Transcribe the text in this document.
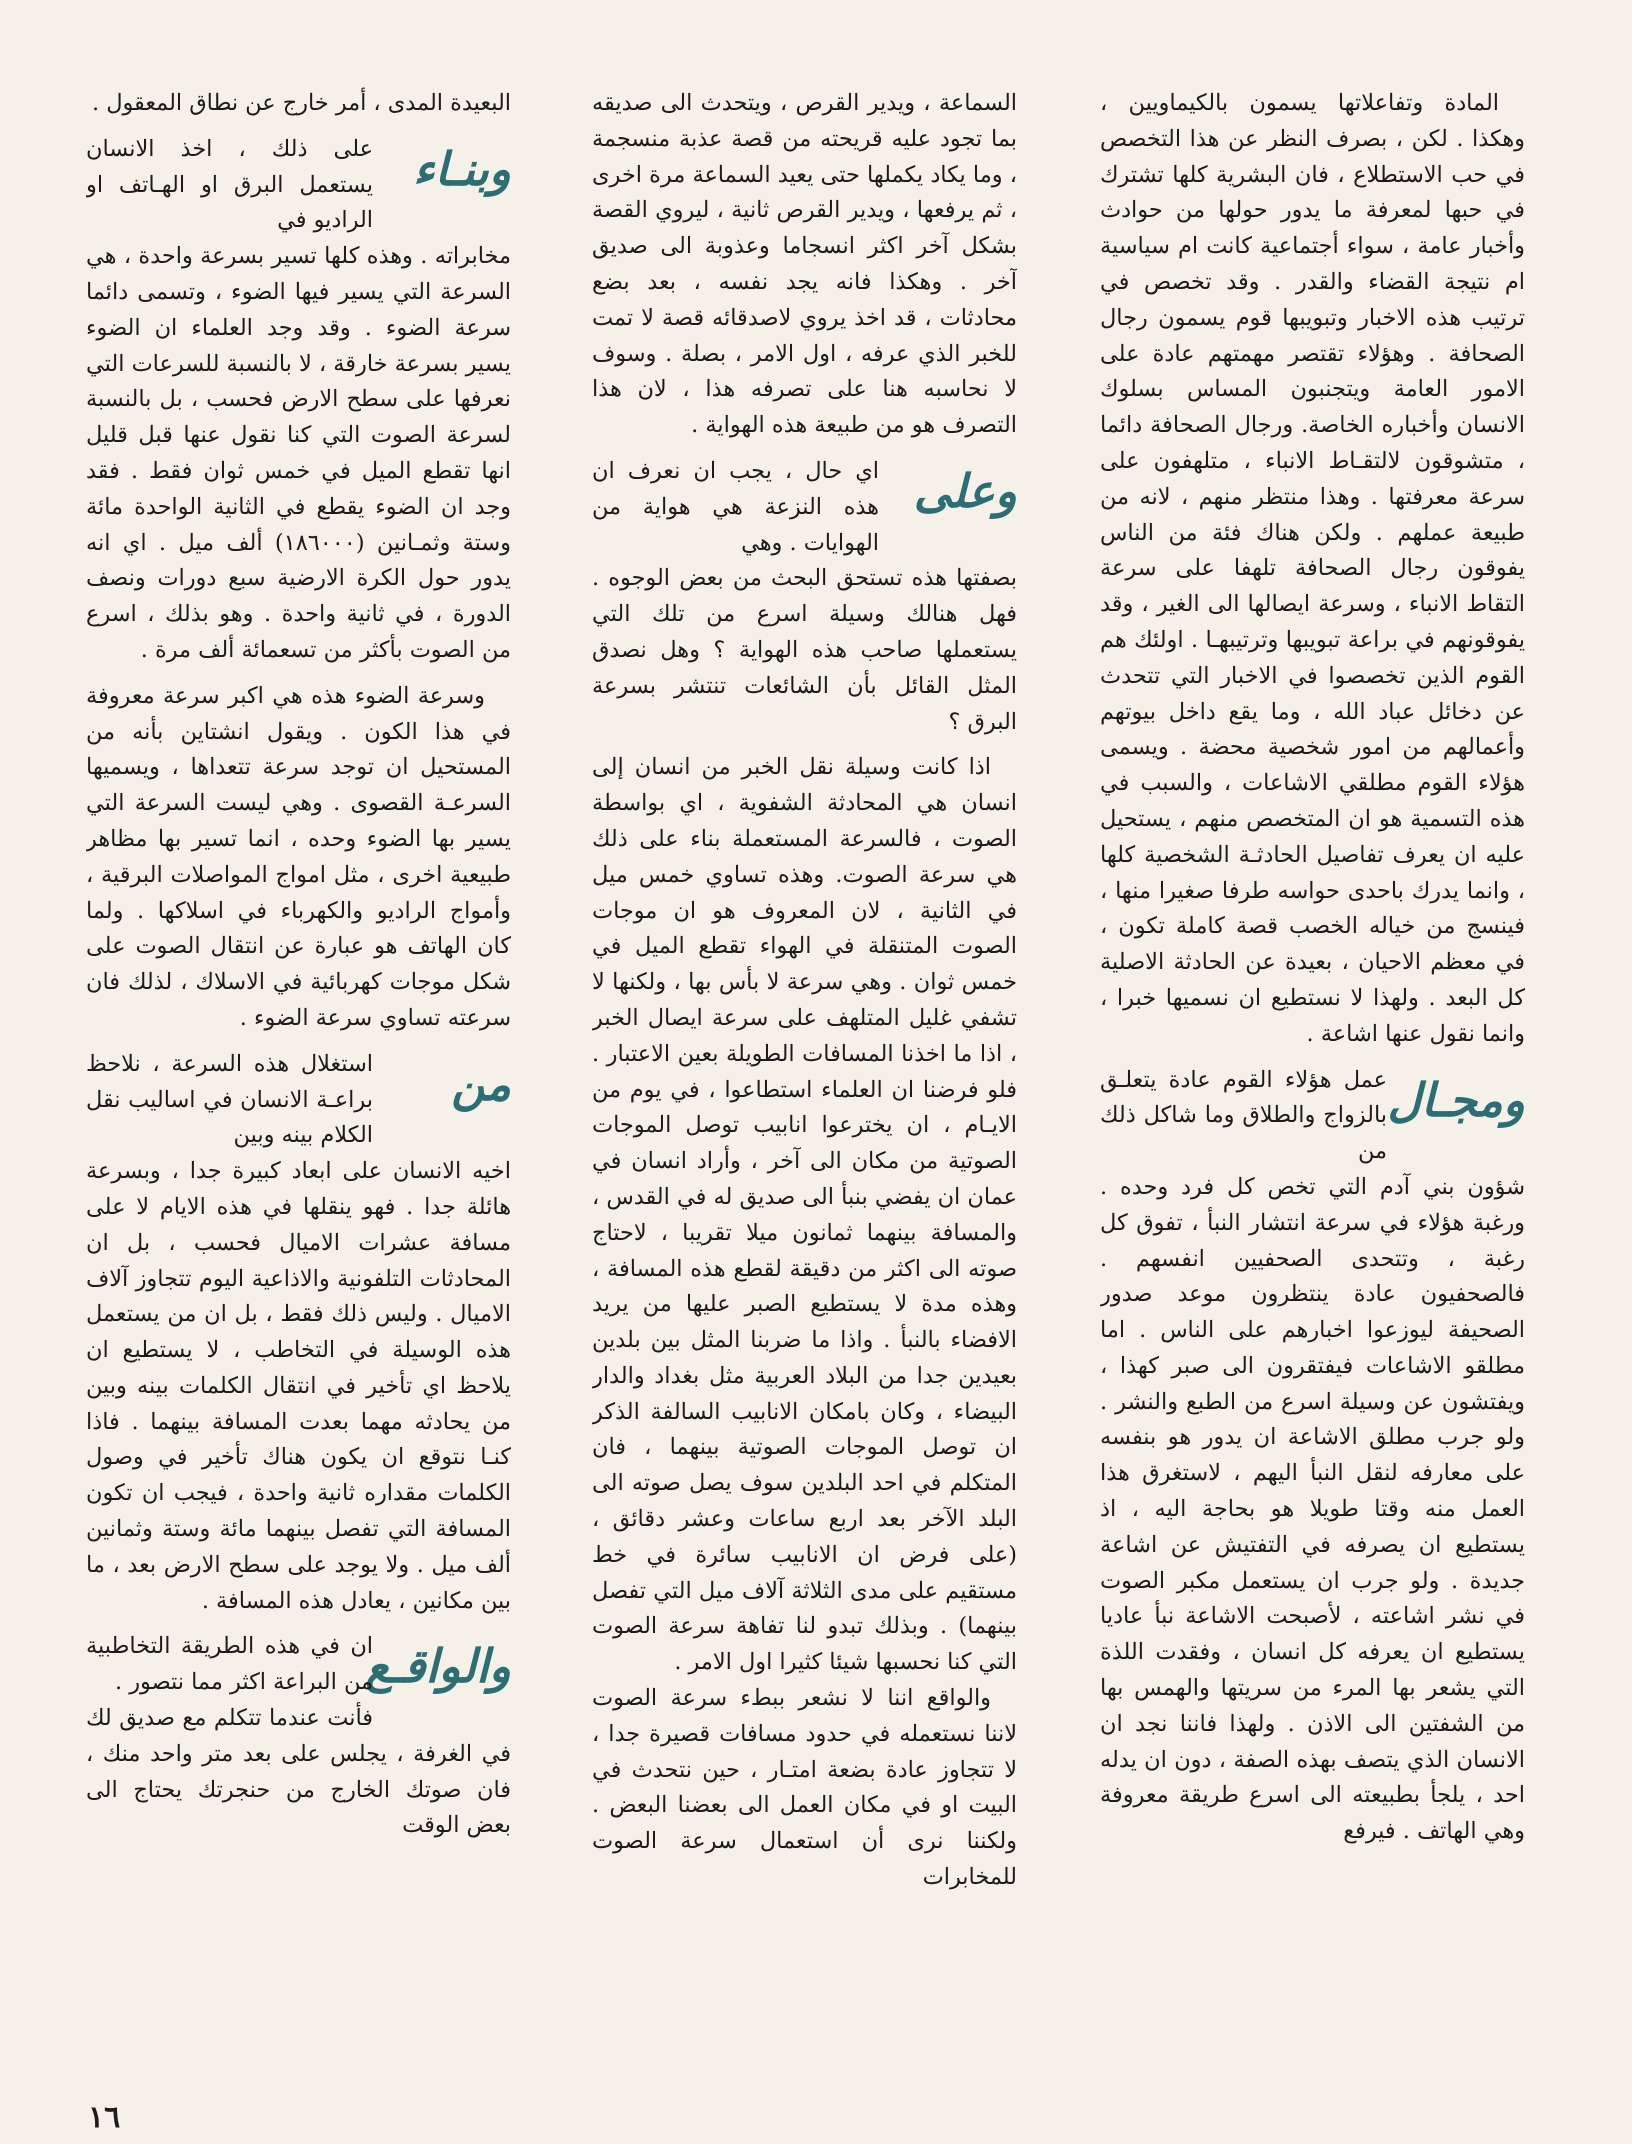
المادة وتفاعلاتها يسمون بالكيماويين ، وهكذا . لكن ، بصرف النظر عن هذا التخصص في حب الاستطلاع ، فان البشرية كلها تشترك في حبها لمعرفة ما يدور حولها من حوادث وأخبار عامة ، سواء أجتماعية كانت ام سياسية ام نتيجة القضاء والقدر . وقد تخصص في ترتيب هذه الاخبار وتبويبها قوم يسمون رجال الصحافة . وهؤلاء تقتصر مهمتهم عادة على الامور العامة ويتجنبون المساس بسلوك الانسان وأخباره الخاصة. ورجال الصحافة دائما ، متشوقون لالتقـاط الانباء ، متلهفون على سرعة معرفتها . وهذا منتظر منهم ، لانه من طبيعة عملهم . ولكن هناك فئة من الناس يفوقون رجال الصحافة تلهفا على سرعة التقاط الانباء ، وسرعة ايصالها الى الغير ، وقد يفوقونهم في براعة تبويبها وترتيبهـا . اولئك هم القوم الذين تخصصوا في الاخبار التي تتحدث عن دخائل عباد الله ، وما يقع داخل بيوتهم وأعمالهم من امور شخصية محضة . ويسمى هؤلاء القوم مطلقي الاشاعات ، والسبب في هذه التسمية هو ان المتخصص منهم ، يستحيل عليه ان يعرف تفاصيل الحادثـة الشخصية كلها ، وانما يدرك باحدى حواسه طرفا صغيرا منها ، فينسج من خياله الخصب قصة كاملة تكون ، في معظم الاحيان ، بعيدة عن الحادثة الاصلية كل البعد . ولهذا لا نستطيع ان نسميها خبرا ، وانما نقول عنها اشاعة .

ومجـال

عمل هؤلاء القوم عادة يتعلـق بالزواج والطلاق وما شاكل ذلك من

شؤون بني آدم التي تخص كل فرد وحده . ورغبة هؤلاء في سرعة انتشار النبأ ، تفوق كل رغبة ، وتتحدى الصحفيين انفسهم . فالصحفيون عادة ينتظرون موعد صدور الصحيفة ليوزعوا اخبارهم على الناس . اما مطلقو الاشاعات فيفتقرون الى صبر كهذا ، ويفتشون عن وسيلة اسرع من الطبع والنشر . ولو جرب مطلق الاشاعة ان يدور هو بنفسه على معارفه لنقل النبأ اليهم ، لاستغرق هذا العمل منه وقتا طويلا هو بحاجة اليه ، اذ يستطيع ان يصرفه في التفتيش عن اشاعة جديدة . ولو جرب ان يستعمل مكبر الصوت في نشر اشاعته ، لأصبحت الاشاعة نبأ عاديا يستطيع ان يعرفه كل انسان ، وفقدت اللذة التي يشعر بها المرء من سريتها والهمس بها من الشفتين الى الاذن . ولهذا فاننا نجد ان الانسان الذي يتصف بهذه الصفة ، دون ان يدله احد ، يلجأ بطبيعته الى اسرع طريقة معروفة وهي الهاتف . فيرفع

السماعة ، ويدير القرص ، ويتحدث الى صديقه بما تجود عليه قريحته من قصة عذبة منسجمة ، وما يكاد يكملها حتى يعيد السماعة مرة اخرى ، ثم يرفعها ، ويدير القرص ثانية ، ليروي القصة بشكل آخر اكثر انسجاما وعذوبة الى صديق آخر . وهكذا فانه يجد نفسه ، بعد بضع محادثات ، قد اخذ يروي لاصدقائه قصة لا تمت للخبر الذي عرفه ، اول الامر ، بصلة . وسوف لا نحاسبه هنا على تصرفه هذا ، لان هذا التصرف هو من طبيعة هذه الهواية .

وعلى

اي حال ، يجب ان نعرف ان هذه النزعة هي هواية من الهوايات . وهي

بصفتها هذه تستحق البحث من بعض الوجوه . فهل هنالك وسيلة اسرع من تلك التي يستعملها صاحب هذه الهواية ؟ وهل نصدق المثل القائل بأن الشائعات تنتشر بسرعة البرق ؟

اذا كانت وسيلة نقل الخبر من انسان إلى انسان هي المحادثة الشفوية ، اي بواسطة الصوت ، فالسرعة المستعملة بناء على ذلك هي سرعة الصوت. وهذه تساوي خمس ميل في الثانية ، لان المعروف هو ان موجات الصوت المتنقلة في الهواء تقطع الميل في خمس ثوان . وهي سرعة لا بأس بها ، ولكنها لا تشفي غليل المتلهف على سرعة ايصال الخبر ، اذا ما اخذنا المسافات الطويلة بعين الاعتبار . فلو فرضنا ان العلماء استطاعوا ، في يوم من الايـام ، ان يخترعوا انابيب توصل الموجات الصوتية من مكان الى آخر ، وأراد انسان في عمان ان يفضي بنبأ الى صديق له في القدس ، والمسافة بينهما ثمانون ميلا تقريبا ، لاحتاج صوته الى اكثر من دقيقة لقطع هذه المسافة ، وهذه مدة لا يستطيع الصبر عليها من يريد الافضاء بالنبأ . واذا ما ضربنا المثل بين بلدين بعيدين جدا من البلاد العربية مثل بغداد والدار البيضاء ، وكان بامكان الانابيب السالفة الذكر ان توصل الموجات الصوتية بينهما ، فان المتكلم في احد البلدين سوف يصل صوته الى البلد الآخر بعد اربع ساعات وعشر دقائق ، (على فرض ان الانابيب سائرة في خط مستقيم على مدى الثلاثة آلاف ميل التي تفصل بينهما) . وبذلك تبدو لنا تفاهة سرعة الصوت التي كنا نحسبها شيئا كثيرا اول الامر .

والواقع اننا لا نشعر ببطء سرعة الصوت لاننا نستعمله في حدود مسافات قصيرة جدا ، لا تتجاوز عادة بضعة امتـار ، حين نتحدث في البيت او في مكان العمل الى بعضنا البعض . ولكننا نرى أن استعمال سرعة الصوت للمخابرات

البعيدة المدى ، أمر خارج عن نطاق المعقول .

وبنـاء

على ذلك ، اخذ الانسان يستعمل البرق او الهـاتف او الراديو في

مخابراته . وهذه كلها تسير بسرعة واحدة ، هي السرعة التي يسير فيها الضوء ، وتسمى دائما سرعة الضوء . وقد وجد العلماء ان الضوء يسير بسرعة خارقة ، لا بالنسبة للسرعات التي نعرفها على سطح الارض فحسب ، بل بالنسبة لسرعة الصوت التي كنا نقول عنها قبل قليل انها تقطع الميل في خمس ثوان فقط . فقد وجد ان الضوء يقطع في الثانية الواحدة مائة وستة وثمـانين (١٨٦٠٠٠) ألف ميل . اي انه يدور حول الكرة الارضية سبع دورات ونصف الدورة ، في ثانية واحدة . وهو بذلك ، اسرع من الصوت بأكثر من تسعمائة ألف مرة .

وسرعة الضوء هذه هي اكبر سرعة معروفة في هذا الكون . ويقول انشتاين بأنه من المستحيل ان توجد سرعة تتعداها ، ويسميها السرعـة القصوى . وهي ليست السرعة التي يسير بها الضوء وحده ، انما تسير بها مظاهر طبيعية اخرى ، مثل امواج المواصلات البرقية ، وأمواج الراديو والكهرباء في اسلاكها . ولما كان الهاتف هو عبارة عن انتقال الصوت على شكل موجات كهربائية في الاسلاك ، لذلك فان سرعته تساوي سرعة الضوء .

من

استغلال هذه السرعة ، نلاحظ براعـة الانسان في اساليب نقل الكلام بينه وبين

اخيه الانسان على ابعاد كبيرة جدا ، وبسرعة هائلة جدا . فهو ينقلها في هذه الايام لا على مسافة عشرات الاميال فحسب ، بل ان المحادثات التلفونية والاذاعية اليوم تتجاوز آلاف الاميال . وليس ذلك فقط ، بل ان من يستعمل هذه الوسيلة في التخاطب ، لا يستطيع ان يلاحظ اي تأخير في انتقال الكلمات بينه وبين من يحادثه مهما بعدت المسافة بينهما . فاذا كنـا نتوقع ان يكون هناك تأخير في وصول الكلمات مقداره ثانية واحدة ، فيجب ان تكون المسافة التي تفصل بينهما مائة وستة وثمانين ألف ميل . ولا يوجد على سطح الارض بعد ، ما بين مكانين ، يعادل هذه المسافة .

والواقـع

ان في هذه الطريقة التخاطبية من البراعة اكثر مما نتصور .

فأنت عندما تتكلم مع صديق لك في الغرفة ، يجلس على بعد متر واحد منك ، فان صوتك الخارج من حنجرتك يحتاج الى بعض الوقت

١٦
